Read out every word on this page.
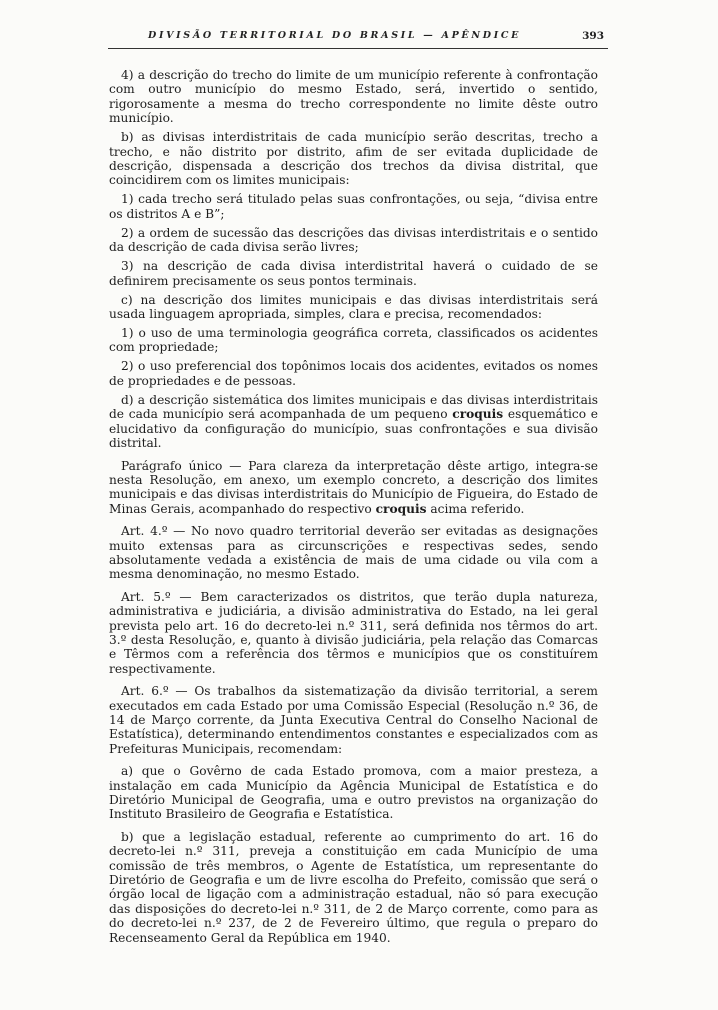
DIVISÃO TERRITORIAL DO BRASIL — APÊNDICE	393

4) a descrição do trecho do limite de um município referente à confrontação com outro município do mesmo Estado, será, invertido o sentido, rigorosamente a mesma do trecho correspondente no limite dêste outro município.

b) as divisas interdistritais de cada município serão descritas, trecho a trecho, e não distrito por distrito, afim de ser evitada duplicidade de descrição, dispensada a descrição dos trechos da divisa distrital, que coincidirem com os limites municipais:

1) cada trecho será titulado pelas suas confrontações, ou seja, “divisa entre os distritos A e B”;

2) a ordem de sucessão das descrições das divisas interdistritais e o sentido da descrição de cada divisa serão livres;

3) na descrição de cada divisa interdistrital haverá o cuidado de se definirem precisamente os seus pontos terminais.

c) na descrição dos limites municipais e das divisas interdistritais será usada linguagem apropriada, simples, clara e precisa, recomendados:

1) o uso de uma terminologia geográfica correta, classificados os acidentes com propriedade;

2) o uso preferencial dos topônimos locais dos acidentes, evitados os nomes de propriedades e de pessoas.

d) a descrição sistemática dos limites municipais e das divisas interdistritais de cada município será acompanhada de um pequeno croquis esquemático e elucidativo da configuração do município, suas confrontações e sua divisão distrital.

Parágrafo único — Para clareza da interpretação dêste artigo, integra-se nesta Resolução, em anexo, um exemplo concreto, a descrição dos limites municipais e das divisas interdistritais do Município de Figueira, do Estado de Minas Gerais, acompanhado do respectivo croquis acima referido.

Art. 4.º — No novo quadro territorial deverão ser evitadas as designações muito extensas para as circunscrições e respectivas sedes, sendo absolutamente vedada a existência de mais de uma cidade ou vila com a mesma denominação, no mesmo Estado.

Art. 5.º — Bem caracterizados os distritos, que terão dupla natureza, administrativa e judiciária, a divisão administrativa do Estado, na lei geral prevista pelo art. 16 do decreto-lei n.º 311, será definida nos têrmos do art. 3.º desta Resolução, e, quanto à divisão judiciária, pela relação das Comarcas e Têrmos com a referência dos têrmos e municípios que os constituírem respectivamente.

Art. 6.º — Os trabalhos da sistematização da divisão territorial, a serem executados em cada Estado por uma Comissão Especial (Resolução n.º 36, de 14 de Março corrente, da Junta Executiva Central do Conselho Nacional de Estatística), determinando entendimentos constantes e especializados com as Prefeituras Municipais, recomendam:

a) que o Govêrno de cada Estado promova, com a maior presteza, a instalação em cada Município da Agência Municipal de Estatística e do Diretório Municipal de Geografia, uma e outro previstos na organização do Instituto Brasileiro de Geografia e Estatística.

b) que a legislação estadual, referente ao cumprimento do art. 16 do decreto-lei n.º 311, preveja a constituição em cada Município de uma comissão de três membros, o Agente de Estatística, um representante do Diretório de Geografia e um de livre escolha do Prefeito, comissão que será o órgão local de ligação com a administração estadual, não só para execução das disposições do decreto-lei n.º 311, de 2 de Março corrente, como para as do decreto-lei n.º 237, de 2 de Fevereiro último, que regula o preparo do Recenseamento Geral da República em 1940.
